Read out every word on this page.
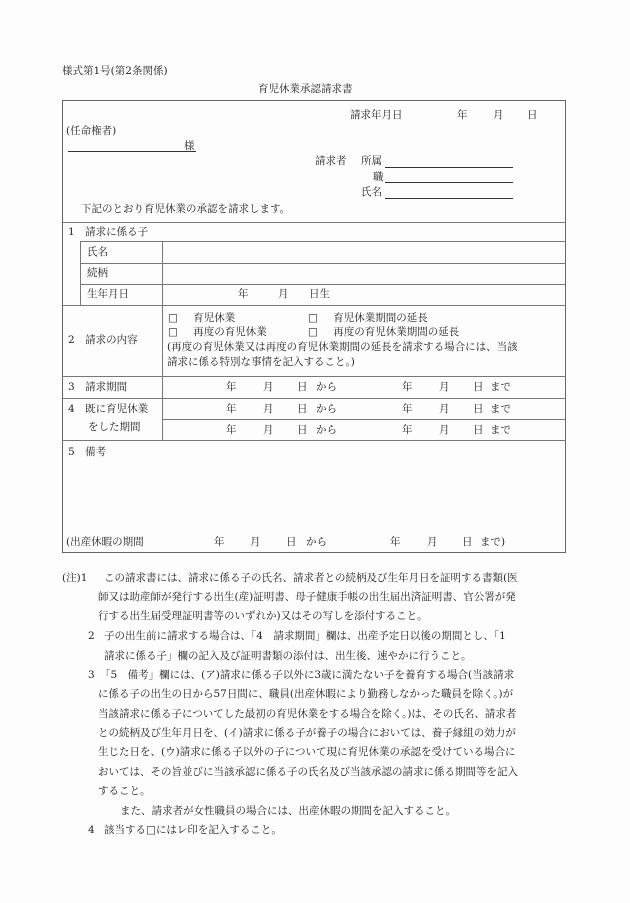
様式第1号(第2条関係)
育児休業承認請求書
請求年月日	年 月 日
(任命権者)
様
請求者 所属
職
氏名
下記のとおり育児休業の承認を請求します。
1　請求に係る子
氏名
続柄
生年月日	年	月 日生
2　請求の内容
□ 育児休業	□ 育児休業期間の延長
□ 再度の育児休業	□ 再度の育児休業期間の延長
(再度の育児休業又は再度の育児休業期間の延長を請求する場合には、当該
請求に係る特別な事情を記入すること。)
3　請求期間	年	月 日 から	年	月 日 まで
4　既に育児休業
をした期間
年	月 日 から	年	月 日 まで
年	月 日 から	年	月 日 まで
5　備考
(出産休暇の期間	年 月 日 から	年	月 日 まで)
(注)1 この請求書には、請求に係る子の氏名、請求者との続柄及び生年月日を証明する書類(医
師又は助産師が発行する出生(産)証明書、母子健康手帳の出生届出済証明書、官公署が発
行する出生届受理証明書等のいずれか)又はその写しを添付すること。
2 子の出生前に請求する場合は、「4　請求期間」欄は、出産予定日以後の期間とし、「1
請求に係る子」欄の記入及び証明書類の添付は、出生後、速やかに行うこと。
3 「5　備考」欄には、(ア)請求に係る子以外に3歳に満たない子を養育する場合(当該請求
に係る子の出生の日から57日間に、職員(出産休暇により勤務しなかった職員を除く。)が
当該請求に係る子についてした最初の育児休業をする場合を除く。)は、その氏名、請求者
との続柄及び生年月日を、(イ)請求に係る子が養子の場合においては、養子縁組の効力が
生じた日を、(ウ)請求に係る子以外の子について現に育児休業の承認を受けている場合に
おいては、その旨並びに当該承認に係る子の氏名及び当該承認の請求に係る期間等を記入
すること。
また、請求者が女性職員の場合には、出産休暇の期間を記入すること。
4 該当する□にはレ印を記入すること。
